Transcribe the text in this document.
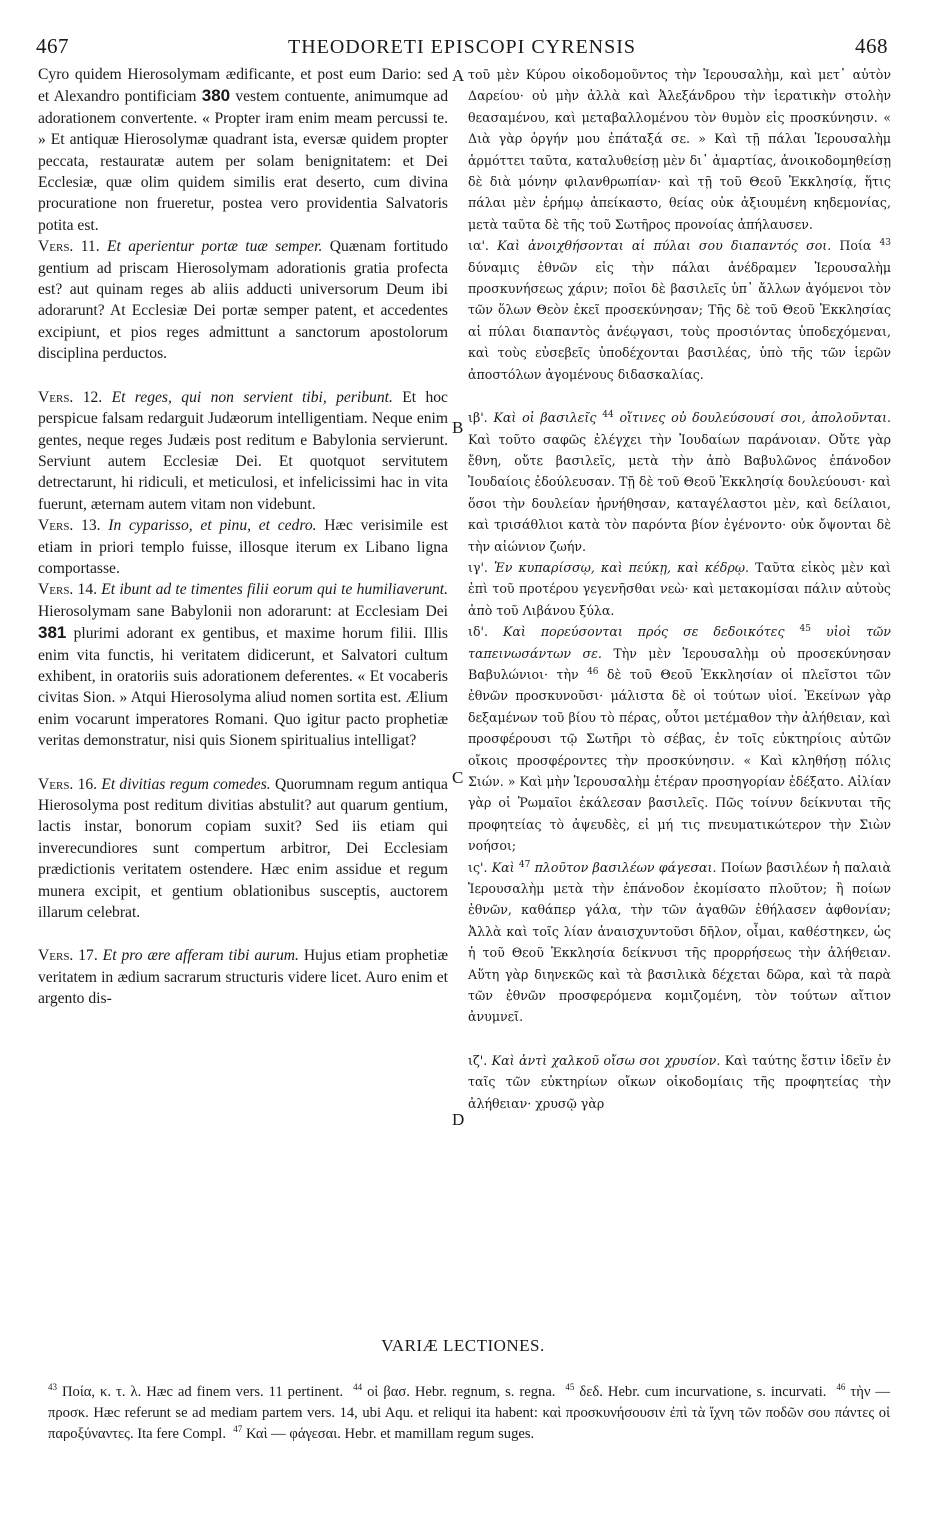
467	THEODORETI EPISCOPI CYRENSIS	468
A
B
C
D

Cyro quidem Hierosolymam ædificante, et post eum Dario: sed et Alexandro pontificiam 380 vestem contuente, animumque ad adorationem convertente. « Propter iram enim meam percussi te. » Et antiquæ Hierosolymæ quadrant ista, eversæ quidem propter peccata, restauratæ autem per solam benignitatem: et Dei Ecclesiæ, quæ olim quidem similis erat deserto, cum divina procuratione non frueretur, postea vero providentia Salvatoris potita est.

Vers. 11. Et aperientur portæ tuæ semper. Quænam fortitudo gentium ad priscam Hierosolymam adorationis gratia profecta est? aut quinam reges ab aliis adducti universorum Deum ibi adorarunt? At Ecclesiæ Dei portæ semper patent, et accedentes excipiunt, et pios reges admittunt a sanctorum apostolorum disciplina perductos.

Vers. 12. Et reges, qui non servient tibi, peribunt. Et hoc perspicue falsam redarguit Judæorum intelligentiam. Neque enim gentes, neque reges Judæis post reditum e Babylonia servierunt. Serviunt autem Ecclesiæ Dei. Et quotquot servitutem detrectarunt, hi ridiculi, et meticulosi, et infelicissimi hac in vita fuerunt, æternam autem vitam non videbunt.

Vers. 13. In cyparisso, et pinu, et cedro. Hæc verisimile est etiam in priori templo fuisse, illosque iterum ex Libano ligna comportasse.

Vers. 14. Et ibunt ad te timentes filii eorum qui te humiliaverunt. Hierosolymam sane Babylonii non adorarunt: at Ecclesiam Dei 381 plurimi adorant ex gentibus, et maxime horum filii. Illis enim vita functis, hi veritatem didicerunt, et Salvatori cultum exhibent, in oratoriis suis adorationem deferentes. « Et vocaberis civitas Sion. » Atqui Hierosolyma aliud nomen sortita est. Ælium enim vocarunt imperatores Romani. Quo igitur pacto prophetiæ veritas demonstratur, nisi quis Sionem spiritualius intelligat?

Vers. 16. Et divitias regum comedes. Quorumnam regum antiqua Hierosolyma post reditum divitias abstulit? aut quarum gentium, lactis instar, bonorum copiam suxit? Sed iis etiam qui inverecundiores sunt compertum arbitror, Dei Ecclesiam prædictionis veritatem ostendere. Hæc enim assidue et regum munera excipit, et gentium oblationibus susceptis, auctorem illarum celebrat.

Vers. 17. Et pro ære afferam tibi aurum. Hujus etiam prophetiæ veritatem in ædium sacrarum structuris videre licet. Auro enim et argento dis-

τοῦ μὲν Κύρου οἰκοδομοῦντος τὴν Ἱερουσαλὴμ, καὶ μετ᾽ αὐτὸν Δαρείου· οὐ μὴν ἀλλὰ καὶ Ἀλεξάνδρου τὴν ἱερατικὴν στολὴν θεασαμένου, καὶ μεταβαλλομένου τὸν θυμὸν εἰς προσκύνησιν. « Διὰ γὰρ ὀργήν μου ἐπάταξά σε. » Καὶ τῇ πάλαι Ἱερουσαλὴμ ἁρμόττει ταῦτα, καταλυθείσῃ μὲν δι᾽ ἁμαρτίας, ἀνοικοδομηθείσῃ δὲ διὰ μόνην φιλανθρωπίαν· καὶ τῇ τοῦ Θεοῦ Ἐκκλησίᾳ, ἥτις πάλαι μὲν ἐρήμῳ ἀπείκαστο, θείας οὐκ ἀξιουμένη κηδεμονίας, μετὰ ταῦτα δὲ τῆς τοῦ Σωτῆρος προνοίας ἀπήλαυσεν.

ια'. Καὶ ἀνοιχθήσονται αἱ πύλαι σου διαπαντός σοι. Ποία $^{43}$ δύναμις ἐθνῶν εἰς τὴν πάλαι ἀνέδραμεν Ἱερουσαλὴμ προσκυνήσεως χάριν; ποῖοι δὲ βασιλεῖς ὑπ᾽ ἄλλων ἀγόμενοι τὸν τῶν ὅλων Θεὸν ἐκεῖ προσεκύνησαν; Τῆς δὲ τοῦ Θεοῦ Ἐκκλησίας αἱ πύλαι διαπαντὸς ἀνέῳγασι, τοὺς προσιόντας ὑποδεχόμεναι, καὶ τοὺς εὐσεβεῖς ὑποδέχονται βασιλέας, ὑπὸ τῆς τῶν ἱερῶν ἀποστόλων ἀγομένους διδασκαλίας.

ιβ'. Καὶ οἱ βασιλεῖς $^{44}$ οἵτινες οὐ δουλεύσουσί σοι, ἀπολοῦνται. Καὶ τοῦτο σαφῶς ἐλέγχει τὴν Ἰουδαίων παράνοιαν. Οὔτε γὰρ ἔθνη, οὔτε βασιλεῖς, μετὰ τὴν ἀπὸ Βαβυλῶνος ἐπάνοδον Ἰουδαίοις ἐδούλευσαν. Τῇ δὲ τοῦ Θεοῦ Ἐκκλησίᾳ δουλεύουσι· καὶ ὅσοι τὴν δουλείαν ἠρνήθησαν, καταγέλαστοι μὲν, καὶ δείλαιοι, καὶ τρισάθλιοι κατὰ τὸν παρόντα βίον ἐγένοντο· οὐκ ὄψονται δὲ τὴν αἰώνιον ζωήν.

ιγ'. Ἐν κυπαρίσσῳ, καὶ πεύκῃ, καὶ κέδρῳ. Ταῦτα εἰκὸς μὲν καὶ ἐπὶ τοῦ προτέρου γεγενῆσθαι νεὼ· καὶ μετακομίσαι πάλιν αὐτοὺς ἀπὸ τοῦ Λιβάνου ξύλα.

ιδ'. Καὶ πορεύσονται πρός σε δεδοικότες $^{45}$ υἱοὶ τῶν ταπεινωσάντων σε. Τὴν μὲν Ἱερουσαλὴμ οὐ προσεκύνησαν Βαβυλώνιοι· τὴν $^{46}$ δὲ τοῦ Θεοῦ Ἐκκλησίαν οἱ πλεῖστοι τῶν ἐθνῶν προσκυνοῦσι· μάλιστα δὲ οἱ τούτων υἱοί. Ἐκείνων γὰρ δεξαμένων τοῦ βίου τὸ πέρας, οὗτοι μετέμαθον τὴν ἀλήθειαν, καὶ προσφέρουσι τῷ Σωτῆρι τὸ σέβας, ἐν τοῖς εὐκτηρίοις αὐτῶν οἴκοις προσφέροντες τὴν προσκύνησιν. « Καὶ κληθήσῃ πόλις Σιών. » Καὶ μὴν Ἱερουσαλὴμ ἑτέραν προσηγορίαν ἐδέξατο. Αἰλίαν γὰρ οἱ Ῥωμαῖοι ἐκάλεσαν βασιλεῖς. Πῶς τοίνυν δείκνυται τῆς προφητείας τὸ ἀψευδὲς, εἰ μή τις πνευματικώτερον τὴν Σιὼν νοήσοι;

ις'. Καὶ $^{47}$ πλοῦτον βασιλέων φάγεσαι. Ποίων βασιλέων ἡ παλαιὰ Ἱερουσαλὴμ μετὰ τὴν ἐπάνοδον ἐκομίσατο πλοῦτον; ἢ ποίων ἐθνῶν, καθάπερ γάλα, τὴν τῶν ἀγαθῶν ἐθήλασεν ἀφθονίαν; Ἀλλὰ καὶ τοῖς λίαν ἀναισχυντοῦσι δῆλον, οἶμαι, καθέστηκεν, ὡς ἡ τοῦ Θεοῦ Ἐκκλησία δείκνυσι τῆς προρρήσεως τὴν ἀλήθειαν. Αὕτη γὰρ διηνεκῶς καὶ τὰ βασιλικὰ δέχεται δῶρα, καὶ τὰ παρὰ τῶν ἐθνῶν προσφερόμενα κομιζομένη, τὸν τούτων αἴτιον ἀνυμνεῖ.

ιζ'. Καὶ ἀντὶ χαλκοῦ οἴσω σοι χρυσίον. Καὶ ταύτης ἔστιν ἰδεῖν ἐν ταῖς τῶν εὐκτηρίων οἴκων οἰκοδομίαις τῆς προφητείας τὴν ἀλήθειαν· χρυσῷ γὰρ

VARIÆ LECTIONES.

$^{43}$ Ποία, κ. τ. λ. Hæc ad finem vers. 11 pertinent. $^{44}$ οἱ βασ. Hebr. regnum, s. regna. $^{45}$ δεδ. Hebr. cum incurvatione, s. incurvati. $^{46}$ τὴν — προσκ. Hæc referunt se ad mediam partem vers. 14, ubi Aqu. et reliqui ita habent: καὶ προσκυνήσουσιν ἐπὶ τὰ ἴχνη τῶν ποδῶν σου πάντες οἱ παροξύναντες. Ita fere Compl. $^{47}$ Καὶ — φάγεσαι. Hebr. et mamillam regum suges.
